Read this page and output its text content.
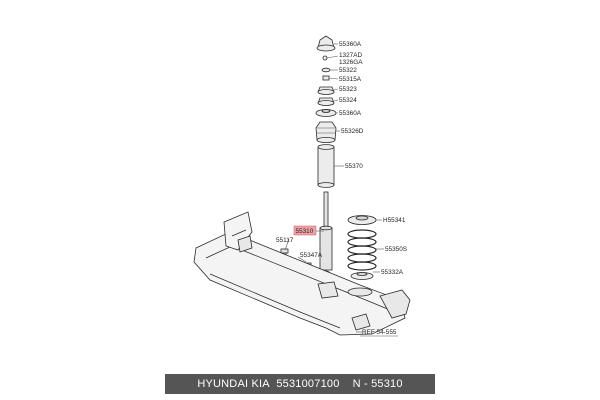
55360A
1327AD
1326GA
55322
55315A
55323
55324
55360A
55326D
55370
H55341
55310
55117
55350S
55347A
55332A
REF 54-555
HYUNDAI KIA 5531007100 N - 55310
